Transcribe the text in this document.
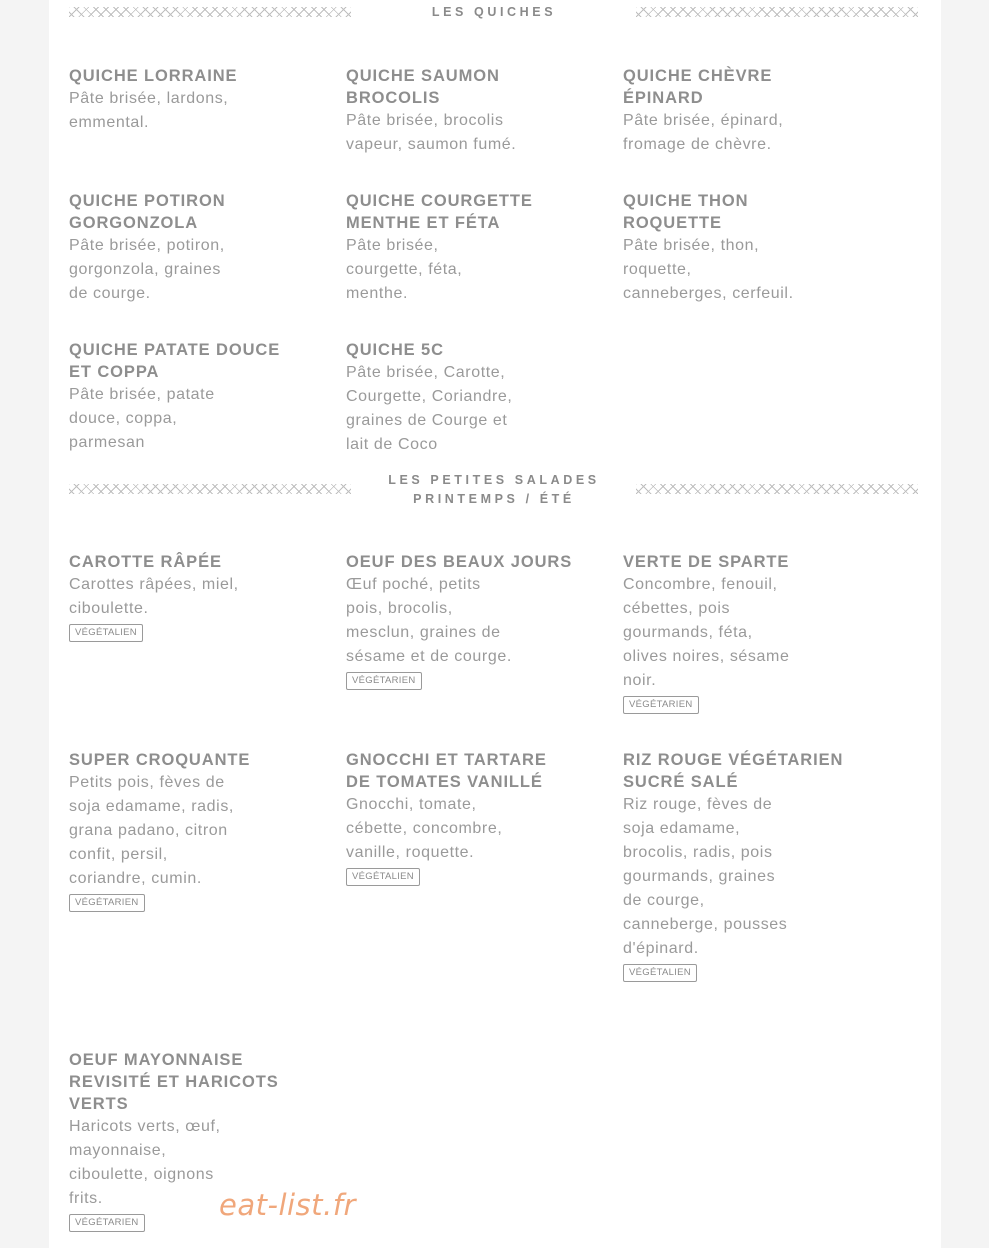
LES QUICHES
QUICHE LORRAINE
Pâte brisée, lardons,
emmental.
QUICHE SAUMON
BROCOLIS
Pâte brisée, brocolis
vapeur, saumon fumé.
QUICHE CHÈVRE
ÉPINARD
Pâte brisée, épinard,
fromage de chèvre.
QUICHE POTIRON
GORGONZOLA
Pâte brisée, potiron,
gorgonzola, graines
de courge.
QUICHE COURGETTE
MENTHE ET FÉTA
Pâte brisée,
courgette, féta,
menthe.
QUICHE THON
ROQUETTE
Pâte brisée, thon,
roquette,
canneberges, cerfeuil.
QUICHE PATATE DOUCE
ET COPPA
Pâte brisée, patate
douce, coppa,
parmesan
QUICHE 5C
Pâte brisée, Carotte,
Courgette, Coriandre,
graines de Courge et
lait de Coco
LES PETITES SALADES
PRINTEMPS / ÉTÉ
CAROTTE RÂPÉE
Carottes râpées, miel,
ciboulette.
VÉGÉTALIEN
OEUF DES BEAUX JOURS
Œuf poché, petits
pois, brocolis,
mesclun, graines de
sésame et de courge.
VÉGÉTARIEN
VERTE DE SPARTE
Concombre, fenouil,
cébettes, pois
gourmands, féta,
olives noires, sésame
noir.
VÉGÉTARIEN
SUPER CROQUANTE
Petits pois, fèves de
soja edamame, radis,
grana padano, citron
confit, persil,
coriandre, cumin.
VÉGÉTARIEN
GNOCCHI ET TARTARE
DE TOMATES VANILLÉ
Gnocchi, tomate,
cébette, concombre,
vanille, roquette.
VÉGÉTALIEN
RIZ ROUGE VÉGÉTARIEN
SUCRÉ SALÉ
Riz rouge, fèves de
soja edamame,
brocolis, radis, pois
gourmands, graines
de courge,
canneberge, pousses
d'épinard.
VÉGÉTALIEN
OEUF MAYONNAISE
REVISITÉ ET HARICOTS
VERTS
Haricots verts, œuf,
mayonnaise,
ciboulette, oignons
frits.
VÉGÉTARIEN
eat-list.fr
